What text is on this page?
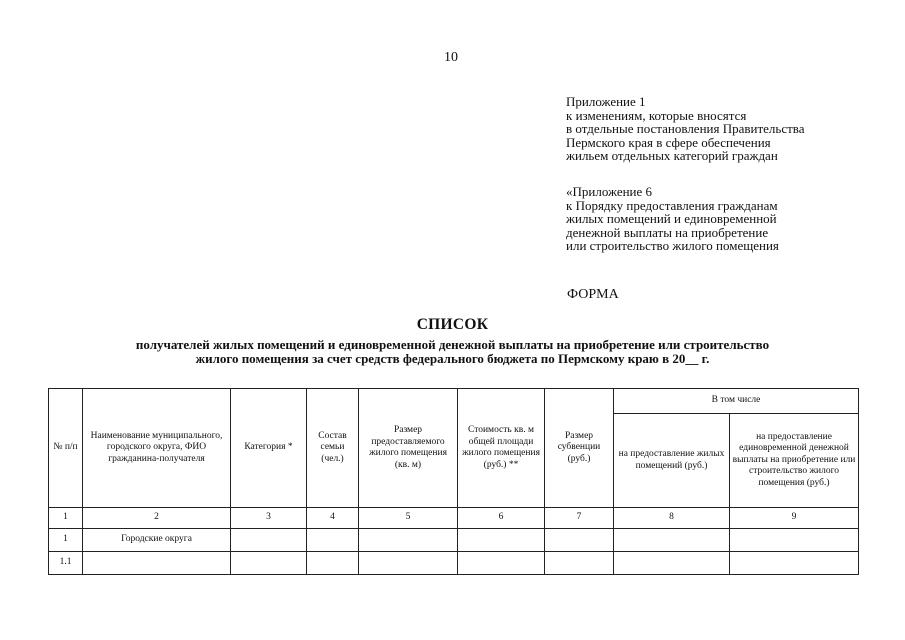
10
Приложение 1
к изменениям, которые вносятся
в отдельные постановления Правительства
Пермского края в сфере обеспечения
жильем отдельных категорий граждан
«Приложение 6
к Порядку предоставления гражданам
жилых помещений и единовременной
денежной выплаты на приобретение
или строительство жилого помещения
ФОРМА
СПИСОК
получателей жилых помещений и единовременной денежной выплаты на приобретение или строительство
жилого помещения за счет средств федерального бюджета по Пермскому краю в 20__ г.
№ п/п	Наименование муниципального, городского округа, ФИО гражданина-получателя	Категория *	Состав семьи (чел.)	Размер предоставляемого жилого помещения (кв. м)	Стоимость кв. м общей площади жилого помещения (руб.) **	Размер субвенции (руб.)	В том числе	
							на предоставление жилых помещений (руб.)	на предоставление единовременной денежной выплаты на приобретение или строительство жилого помещения (руб.)
1	2	3	4	5	6	7	8	9
1	Городские округа							
1.1								
